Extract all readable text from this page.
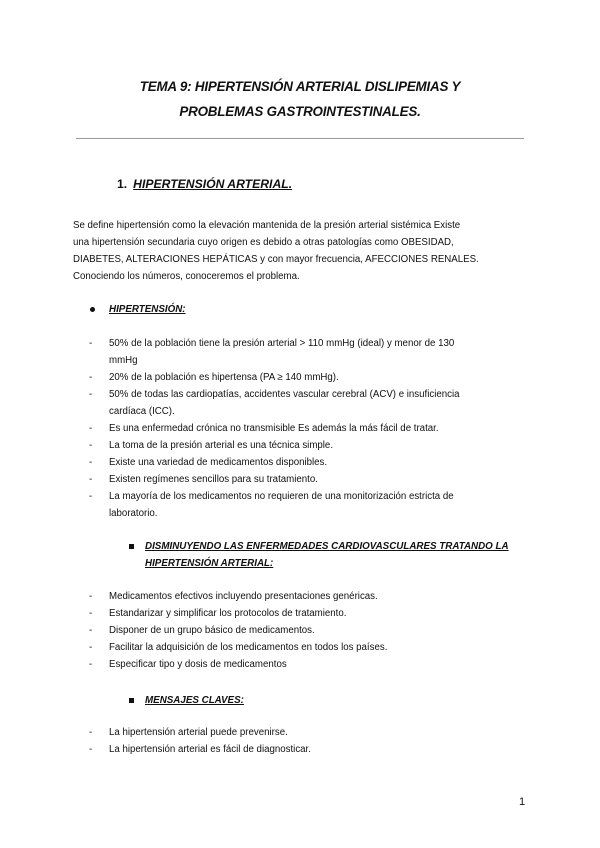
TEMA 9: HIPERTENSIÓN ARTERIAL DISLIPEMIAS Y
PROBLEMAS GASTROINTESTINALES.
1. HIPERTENSIÓN ARTERIAL.
Se define hipertensión como la elevación mantenida de la presión arterial sistémica Existe
una hipertensión secundaria cuyo origen es debido a otras patologías como OBESIDAD,
DIABETES, ALTERACIONES HEPÁTICAS y con mayor frecuencia, AFECCIONES RENALES.
Conociendo los números, conoceremos el problema.
HIPERTENSIÓN:
- 50% de la población tiene la presión arterial > 110 mmHg (ideal) y menor de 130
mmHg
- 20% de la población es hipertensa (PA ≥ 140 mmHg).
- 50% de todas las cardiopatías, accidentes vascular cerebral (ACV) e insuficiencia
cardíaca (ICC).
- Es una enfermedad crónica no transmisible Es además la más fácil de tratar.
- La toma de la presión arterial es una técnica simple.
- Existe una variedad de medicamentos disponibles.
- Existen regímenes sencillos para su tratamiento.
- La mayoría de los medicamentos no requieren de una monitorización estricta de
laboratorio.
DISMINUYENDO LAS ENFERMEDADES CARDIOVASCULARES TRATANDO LA
HIPERTENSIÓN ARTERIAL:
- Medicamentos efectivos incluyendo presentaciones genéricas.
- Estandarizar y simplificar los protocolos de tratamiento.
- Disponer de un grupo básico de medicamentos.
- Facilitar la adquisición de los medicamentos en todos los países.
- Especificar tipo y dosis de medicamentos
MENSAJES CLAVES:
- La hipertensión arterial puede prevenirse.
- La hipertensión arterial es fácil de diagnosticar.
1
